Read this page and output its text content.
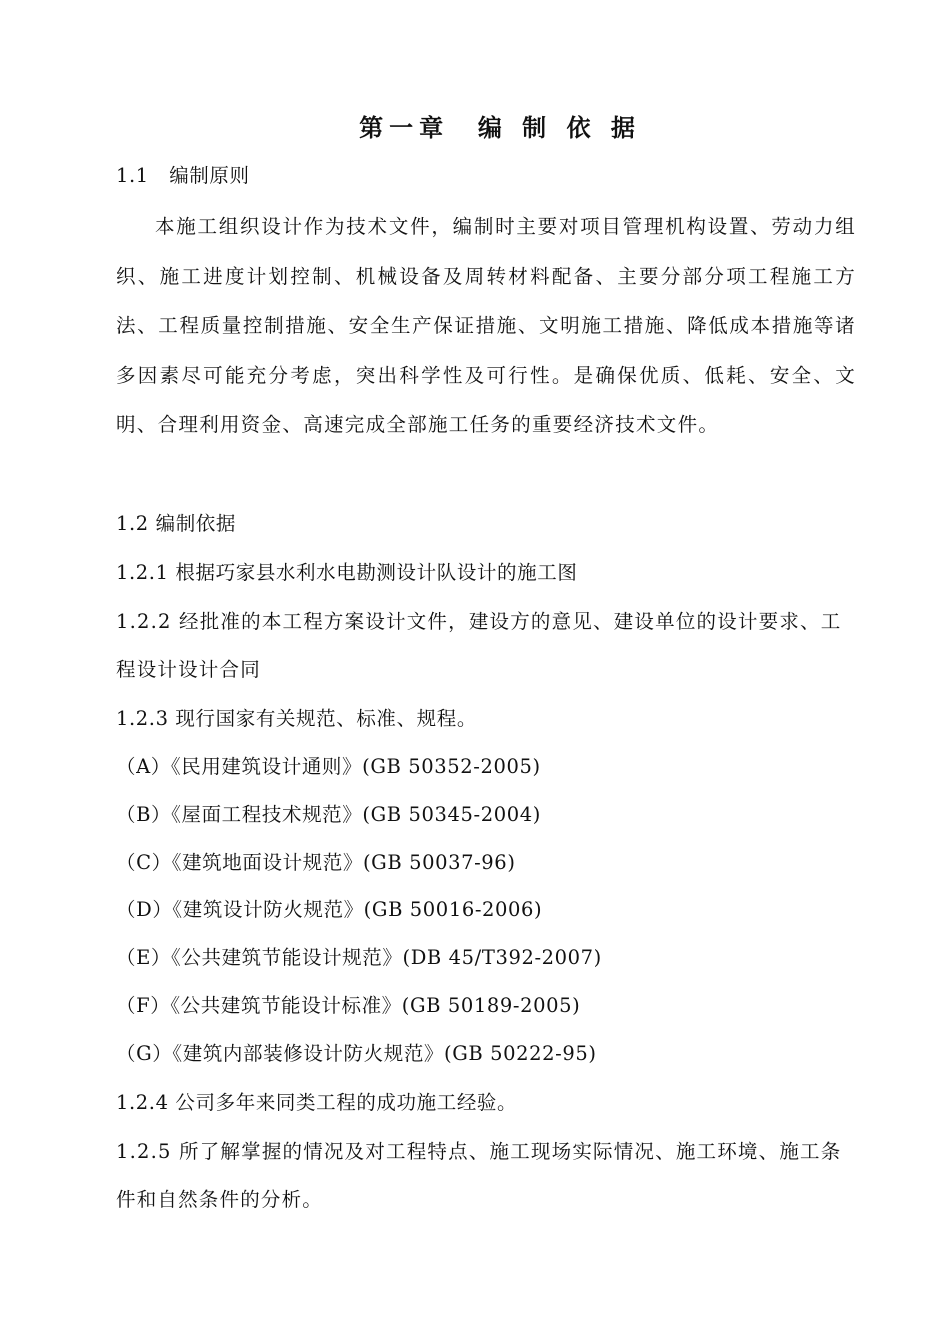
第一章  编 制 依 据
1.1   编制原则
本施工组织设计作为技术文件，编制时主要对项目管理机构设置、劳动力组织、施工进度计划控制、机械设备及周转材料配备、主要分部分项工程施工方法、工程质量控制措施、安全生产保证措施、文明施工措施、降低成本措施等诸多因素尽可能充分考虑，突出科学性及可行性。是确保优质、低耗、安全、文明、合理利用资金、高速完成全部施工任务的重要经济技术文件。
1.2 编制依据
1.2.1 根据巧家县水利水电勘测设计队设计的施工图
1.2.2 经批准的本工程方案设计文件，建设方的意见、建设单位的设计要求、工程设计设计合同
1.2.3 现行国家有关规范、标准、规程。
（A）《民用建筑设计通则》(GB 50352-2005)
（B）《屋面工程技术规范》(GB 50345-2004)
（C）《建筑地面设计规范》(GB 50037-96)
（D）《建筑设计防火规范》(GB 50016-2006)
（E）《公共建筑节能设计规范》(DB 45/T392-2007)
（F）《公共建筑节能设计标准》(GB 50189-2005)
（G）《建筑内部装修设计防火规范》(GB 50222-95)
1.2.4 公司多年来同类工程的成功施工经验。
1.2.5 所了解掌握的情况及对工程特点、施工现场实际情况、施工环境、施工条件和自然条件的分析。
